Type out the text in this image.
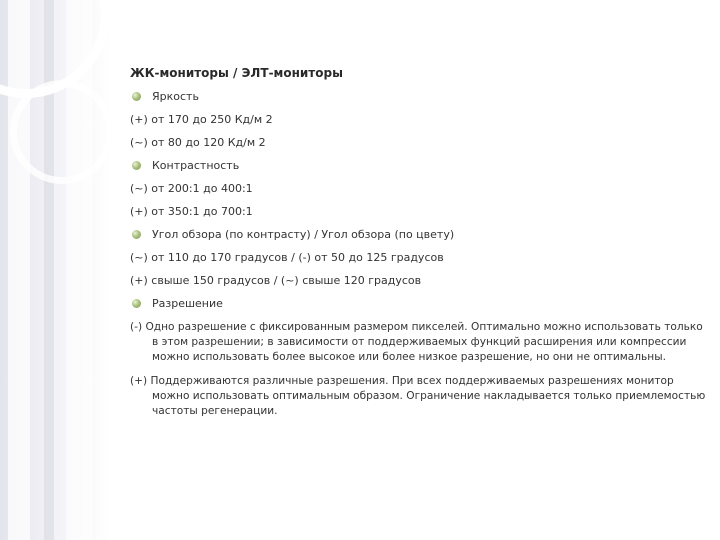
ЖК-мониторы / ЭЛТ-мониторы
Яркость
(+) от 170 до 250 Кд/м 2
(~) от 80 до 120 Кд/м 2
Контрастность
(~) от 200:1 до 400:1
(+) от 350:1 до 700:1
Угол обзора (по контрасту) / Угол обзора (по цвету)
(~) от 110 до 170 градусов / (-) от 50 до 125 градусов
(+) свыше 150 градусов / (~) свыше 120 градусов
Разрешение
(-) Одно разрешение с фиксированным размером пикселей. Оптимально можно использовать только в этом разрешении; в зависимости от поддерживаемых функций расширения или компрессии можно использовать более высокое или более низкое разрешение, но они не оптимальны.
(+) Поддерживаются различные разрешения. При всех поддерживаемых разрешениях монитор можно использовать оптимальным образом. Ограничение накладывается только приемлемостью частоты регенерации.
